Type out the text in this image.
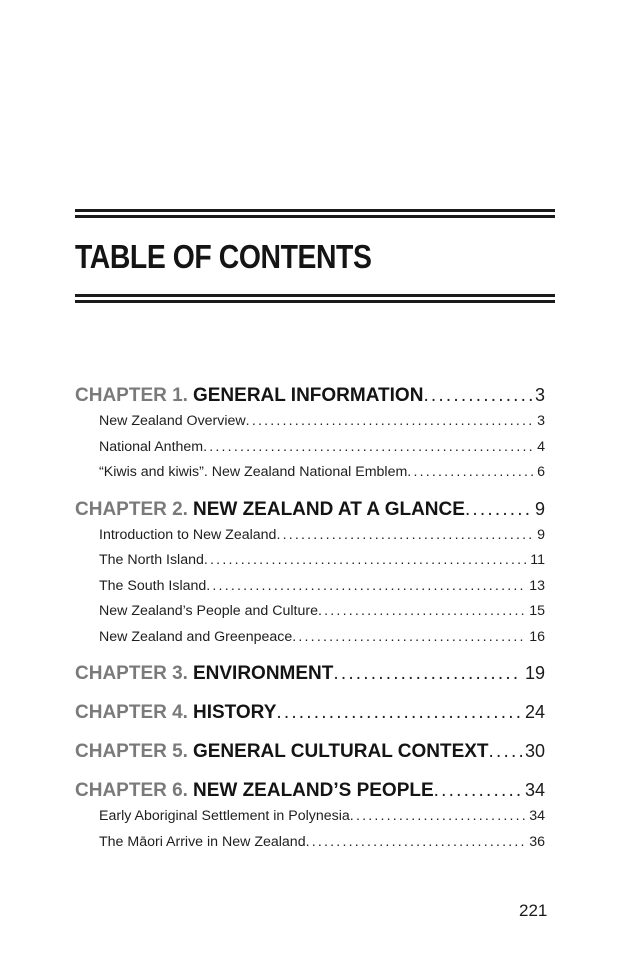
TABLE OF CONTENTS
CHAPTER 1. GENERAL INFORMATION .....	3
New Zealand Overview .....	3
National Anthem .....	4
“Kiwis and kiwis”. New Zealand National Emblem .....	6
CHAPTER 2. NEW ZEALAND AT A GLANCE .....	9
Introduction to New Zealand .....	9
The North Island .....	11
The South Island .....	13
New Zealand’s People and Culture .....	15
New Zealand and Greenpeace .....	16
CHAPTER 3. ENVIRONMENT .....	19
CHAPTER 4. HISTORY .....	24
CHAPTER 5. GENERAL CULTURAL CONTEXT ..... 30
CHAPTER 6. NEW ZEALAND’S PEOPLE .....	34
Early Aboriginal Settlement in Polynesia .....	34
The Māori Arrive in New Zealand .....	36
221
